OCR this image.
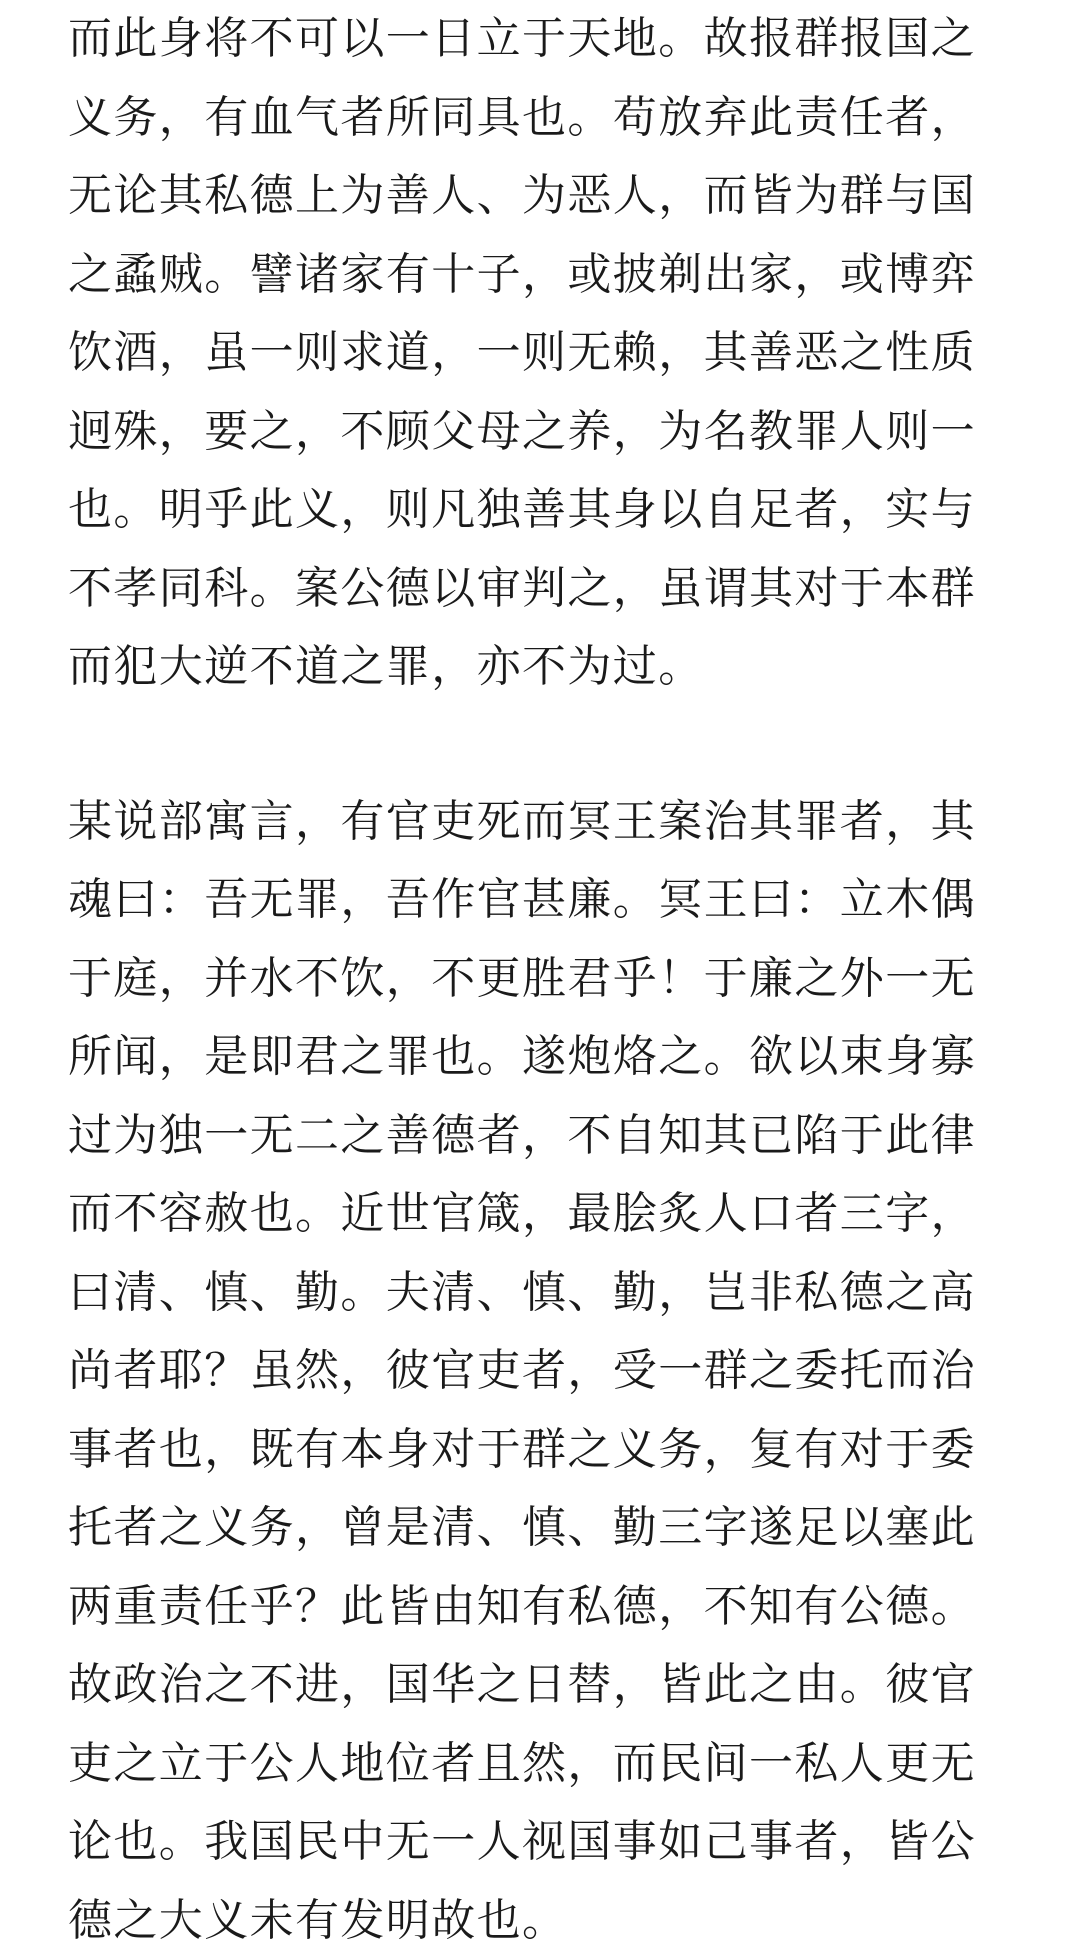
而此身将不可以一日立于天地。故报群报国之
义务，有血气者所同具也。苟放弃此责任者，
无论其私德上为善人、为恶人，而皆为群与国
之蟊贼。譬诸家有十子，或披剃出家，或博弈
饮酒，虽一则求道，一则无赖，其善恶之性质
迥殊，要之，不顾父母之养，为名教罪人则一
也。明乎此义，则凡独善其身以自足者，实与
不孝同科。案公德以审判之，虽谓其对于本群
而犯大逆不道之罪，亦不为过。
某说部寓言，有官吏死而冥王案治其罪者，其
魂曰：吾无罪，吾作官甚廉。冥王曰：立木偶
于庭，并水不饮，不更胜君乎！于廉之外一无
所闻，是即君之罪也。遂炮烙之。欲以束身寡
过为独一无二之善德者，不自知其已陷于此律
而不容赦也。近世官箴，最脍炙人口者三字，
曰清、慎、勤。夫清、慎、勤，岂非私德之高
尚者耶？虽然，彼官吏者，受一群之委托而治
事者也，既有本身对于群之义务，复有对于委
托者之义务，曾是清、慎、勤三字遂足以塞此
两重责任乎？此皆由知有私德，不知有公德。
故政治之不进，国华之日替，皆此之由。彼官
吏之立于公人地位者且然，而民间一私人更无
论也。我国民中无一人视国事如己事者，皆公
德之大义未有发明故也。
